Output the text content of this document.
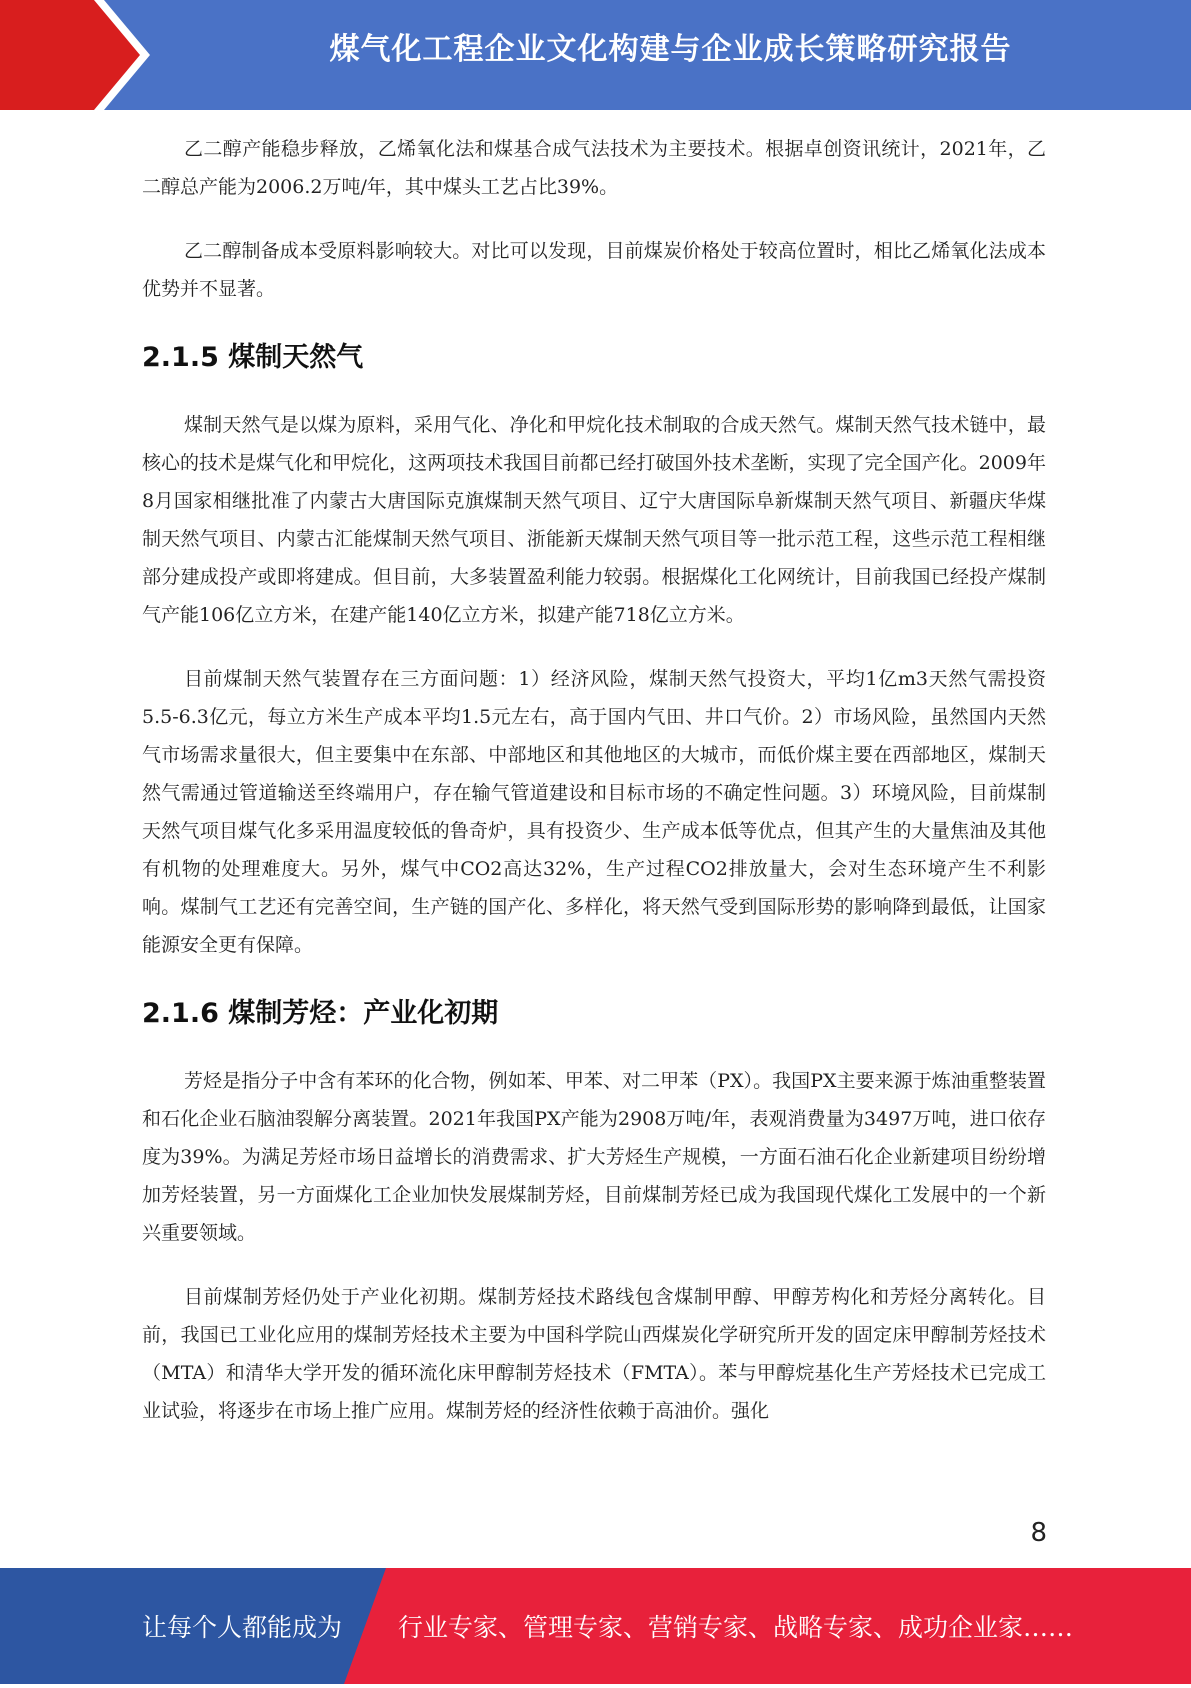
煤气化工程企业文化构建与企业成长策略研究报告

乙二醇产能稳步释放，乙烯氧化法和煤基合成气法技术为主要技术。根据卓创资讯统计，2021年，乙二醇总产能为2006.2万吨/年，其中煤头工艺占比39%。

乙二醇制备成本受原料影响较大。对比可以发现，目前煤炭价格处于较高位置时，相比乙烯氧化法成本优势并不显著。

2.1.5 煤制天然气

煤制天然气是以煤为原料，采用气化、净化和甲烷化技术制取的合成天然气。煤制天然气技术链中，最核心的技术是煤气化和甲烷化，这两项技术我国目前都已经打破国外技术垄断，实现了完全国产化。2009年8月国家相继批准了内蒙古大唐国际克旗煤制天然气项目、辽宁大唐国际阜新煤制天然气项目、新疆庆华煤制天然气项目、内蒙古汇能煤制天然气项目、浙能新天煤制天然气项目等一批示范工程，这些示范工程相继部分建成投产或即将建成。但目前，大多装置盈利能力较弱。根据煤化工化网统计，目前我国已经投产煤制气产能106亿立方米，在建产能140亿立方米，拟建产能718亿立方米。

目前煤制天然气装置存在三方面问题：1）经济风险，煤制天然气投资大，平均1亿m3天然气需投资5.5-6.3亿元，每立方米生产成本平均1.5元左右，高于国内气田、井口气价。2）市场风险，虽然国内天然气市场需求量很大，但主要集中在东部、中部地区和其他地区的大城市，而低价煤主要在西部地区，煤制天然气需通过管道输送至终端用户，存在输气管道建设和目标市场的不确定性问题。3）环境风险，目前煤制天然气项目煤气化多采用温度较低的鲁奇炉，具有投资少、生产成本低等优点，但其产生的大量焦油及其他有机物的处理难度大。另外，煤气中CO2高达32%，生产过程CO2排放量大，会对生态环境产生不利影响。煤制气工艺还有完善空间，生产链的国产化、多样化，将天然气受到国际形势的影响降到最低，让国家能源安全更有保障。

2.1.6 煤制芳烃：产业化初期

芳烃是指分子中含有苯环的化合物，例如苯、甲苯、对二甲苯（PX）。我国PX主要来源于炼油重整装置和石化企业石脑油裂解分离装置。2021年我国PX产能为2908万吨/年，表观消费量为3497万吨，进口依存度为39%。为满足芳烃市场日益增长的消费需求、扩大芳烃生产规模，一方面石油石化企业新建项目纷纷增加芳烃装置，另一方面煤化工企业加快发展煤制芳烃，目前煤制芳烃已成为我国现代煤化工发展中的一个新兴重要领域。

目前煤制芳烃仍处于产业化初期。煤制芳烃技术路线包含煤制甲醇、甲醇芳构化和芳烃分离转化。目前，我国已工业化应用的煤制芳烃技术主要为中国科学院山西煤炭化学研究所开发的固定床甲醇制芳烃技术（MTA）和清华大学开发的循环流化床甲醇制芳烃技术（FMTA）。苯与甲醇烷基化生产芳烃技术已完成工业试验，将逐步在市场上推广应用。煤制芳烃的经济性依赖于高油价。强化

8
让每个人都能成为 行业专家、管理专家、营销专家、战略专家、成功企业家……
